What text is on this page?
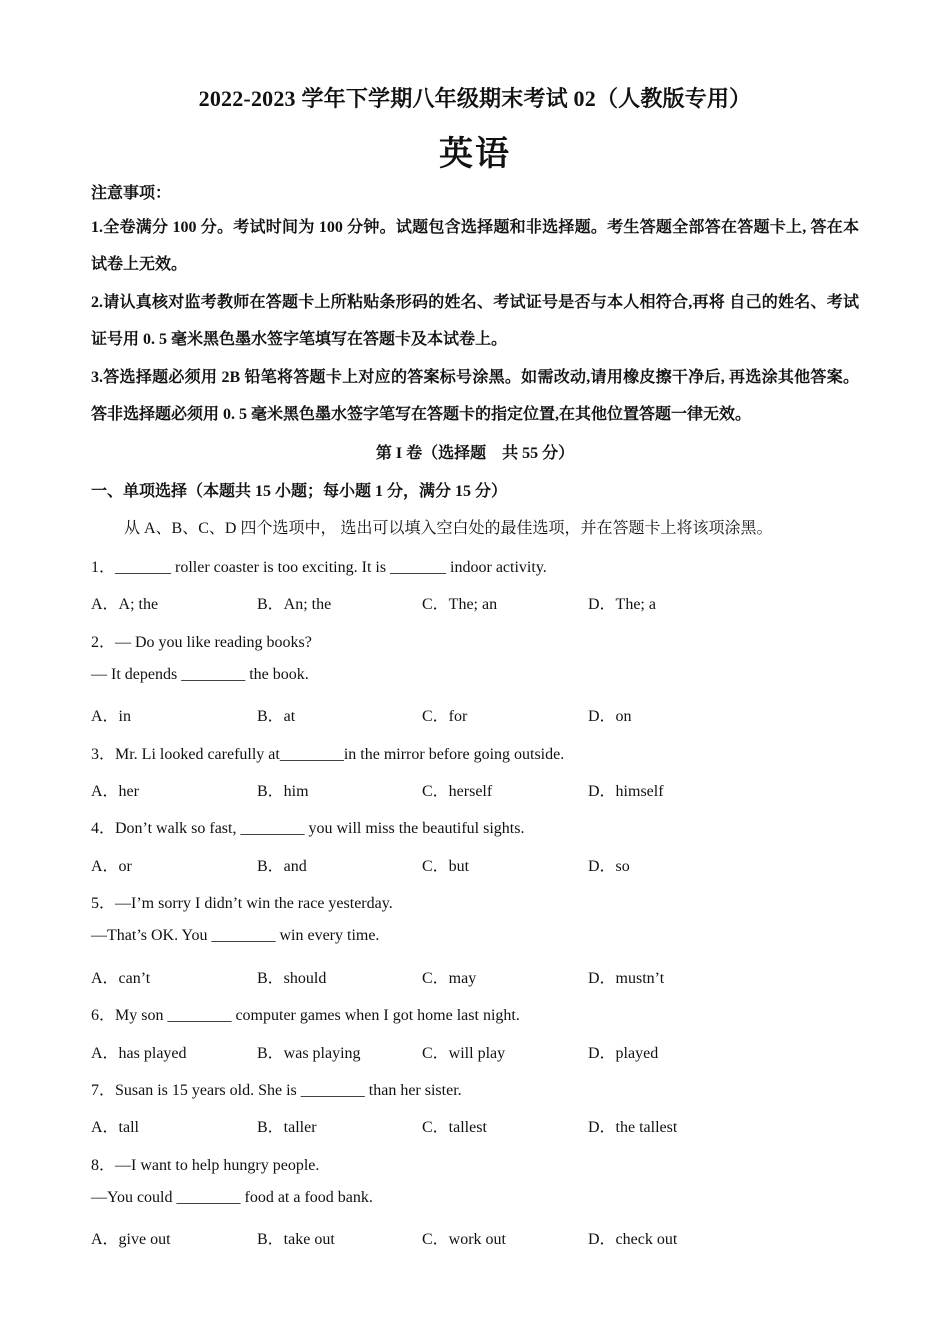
2022-2023 学年下学期八年级期末考试 02（人教版专用）
英语
注意事项：
1.全卷满分 100 分。考试时间为 100 分钟。试题包含选择题和非选择题。考生答题全部答在答题卡上, 答在本试卷上无效。
2.请认真核对监考教师在答题卡上所粘贴条形码的姓名、考试证号是否与本人相符合,再将 自己的姓名、考试证号用 0. 5 毫米黑色墨水签字笔填写在答题卡及本试卷上。
3.答选择题必须用 2B 铅笔将答题卡上对应的答案标号涂黑。如需改动,请用橡皮擦干净后, 再选涂其他答案。答非选择题必须用 0. 5 毫米黑色墨水签字笔写在答题卡的指定位置,在其他位置答题一律无效。
第 I 卷（选择题　共 55 分）
一、单项选择（本题共 15 小题；每小题 1 分，满分 15 分）
从 A、B、C、D 四个选项中， 选出可以填入空白处的最佳选项，并在答题卡上将该项涂黑。
1．_______ roller coaster is too exciting. It is _______ indoor activity.
A．A; the	B．An; the	C．The; an	D．The; a
2．— Do you like reading books?
— It depends ________ the book.
A．in	B．at	C．for	D．on
3．Mr. Li looked carefully at________in the mirror before going outside.
A．her	B．him	C．herself	D．himself
4．Don’t walk so fast, ________ you will miss the beautiful sights.
A．or	B．and	C．but	D．so
5．—I’m sorry I didn’t win the race yesterday.
—That’s OK. You ________ win every time.
A．can’t	B．should	C．may	D．mustn’t
6．My son ________ computer games when I got home last night.
A．has played	B．was playing	C．will play	D．played
7．Susan is 15 years old. She is ________ than her sister.
A．tall	B．taller	C．tallest	D．the tallest
8．—I want to help hungry people.
—You could ________ food at a food bank.
A．give out	B．take out	C．work out	D．check out
